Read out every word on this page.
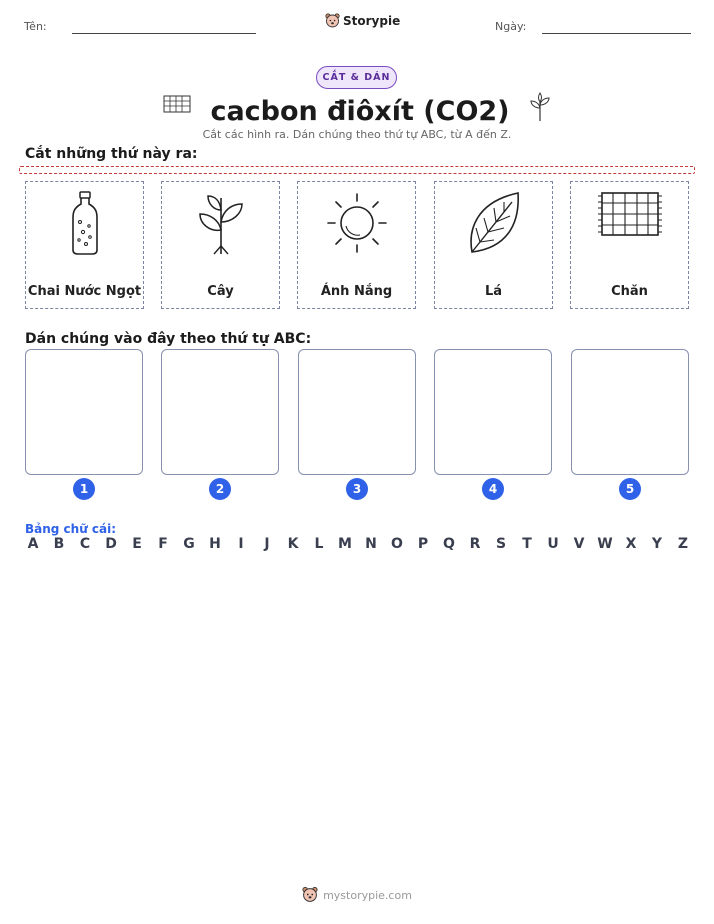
Tên:	Storypie	Ngày:
CẮT & DÁN
cacbon điôxít (CO2)
Cắt các hình ra. Dán chúng theo thứ tự ABC, từ A đến Z.
Cắt những thứ này ra:
Chai Nước Ngọt	Cây	Ánh Nắng	Lá	Chăn
Dán chúng vào đây theo thứ tự ABC:
1	2	3	4	5
Bảng chữ cái:
A B C D E F G H	I	J	K L M N O P Q R S T U V W X Y Z
mystorypie.com
